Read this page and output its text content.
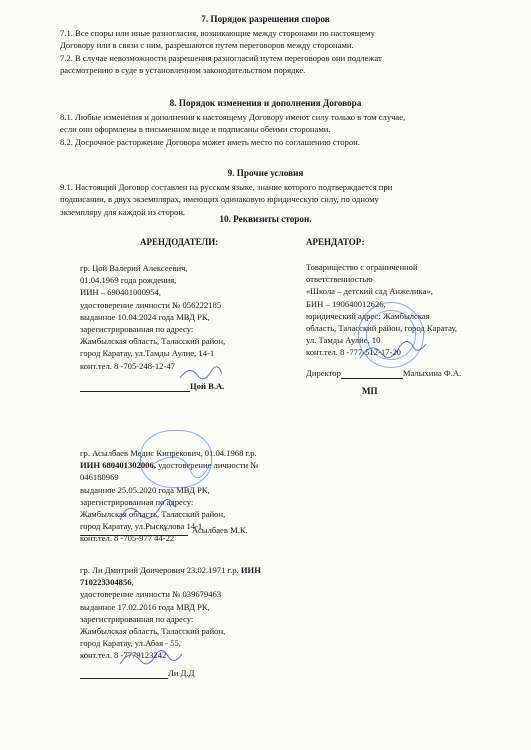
7. Порядок разрешения споров
7.1. Все споры или иные разногласия, возникающие между сторонами по настоящему
Договору или в связи с ним, разрешаются путем переговоров между сторонами.
7.2. В случае невозможности разрешения разногласий путем переговоров они подлежат
рассмотрению в суде в установленном законодательством порядке.
8. Порядок изменения и дополнения Договора
8.1. Любые изменения и дополнения к настоящему Договору имеют силу только в том случае,
если они оформлены в письменном виде и подписаны обеими сторонами.
8.2. Досрочное расторжение Договора может иметь место по соглашению сторон.
9. Прочие условия
9.1. Настоящий Договор составлен на русском языке, знание которого подтверждается при
подписании, в двух экземплярах, имеющих одинаковую юридическую силу, по одному
экземпляру для каждой из сторон.
10. Реквизиты сторон.
АРЕНДОДАТЕЛИ:
гр. Цой Валерий Алексеевич,
01.04.1969 года рождения,
ИИН – 690401000954,
удостоверение личности № 056222185
выданное 10.04.2024 года МВД РК,
зарегистрированная по адресу:
Жамбылская область, Таласский район,
город Каратау, ул.Тамды Аулие, 14-1
конт.тел. 8 -705-248-12-47
Цой В.А.
гр. Асылбаев Медис Кипрекович, 01.04.1968 г.р.
ИИН 680401302006, удостоверение личности №
046180969
выданное 25.05.2020 года МВД РК,
зарегистрированная по адресу:
Жамбылская область, Таласский район,
город Каратау, ул.Рысқұлова 14-1
конт.тел. 8 -705-977 44-22
Асылбаев М.К.
гр. Ли Дмитрий Доичерович 23.02.1971 г.р. ИИН
710223304856,
удостоверение личности № 039679463
выданное 17.02.2016 года МВД РК,
зарегистрированная по адресу:
Жамбылская область, Таласский район,
город Каратау, ул.Абая - 55,
конт.тел. 8 -7779123242
Ли Д.Д
АРЕНДАТОР:
Товарищество с ограниченной
ответственностью
«Школа – детский сад Анжелика»,
БИН – 190640012626,
юридический адрес: Жамбылская
область, Таласский район, город Каратау,
ул. Тамды Аулие, 10
конт.тел. 8 -777-512-17-20
Директор	Малыхина Ф.А.
МП
